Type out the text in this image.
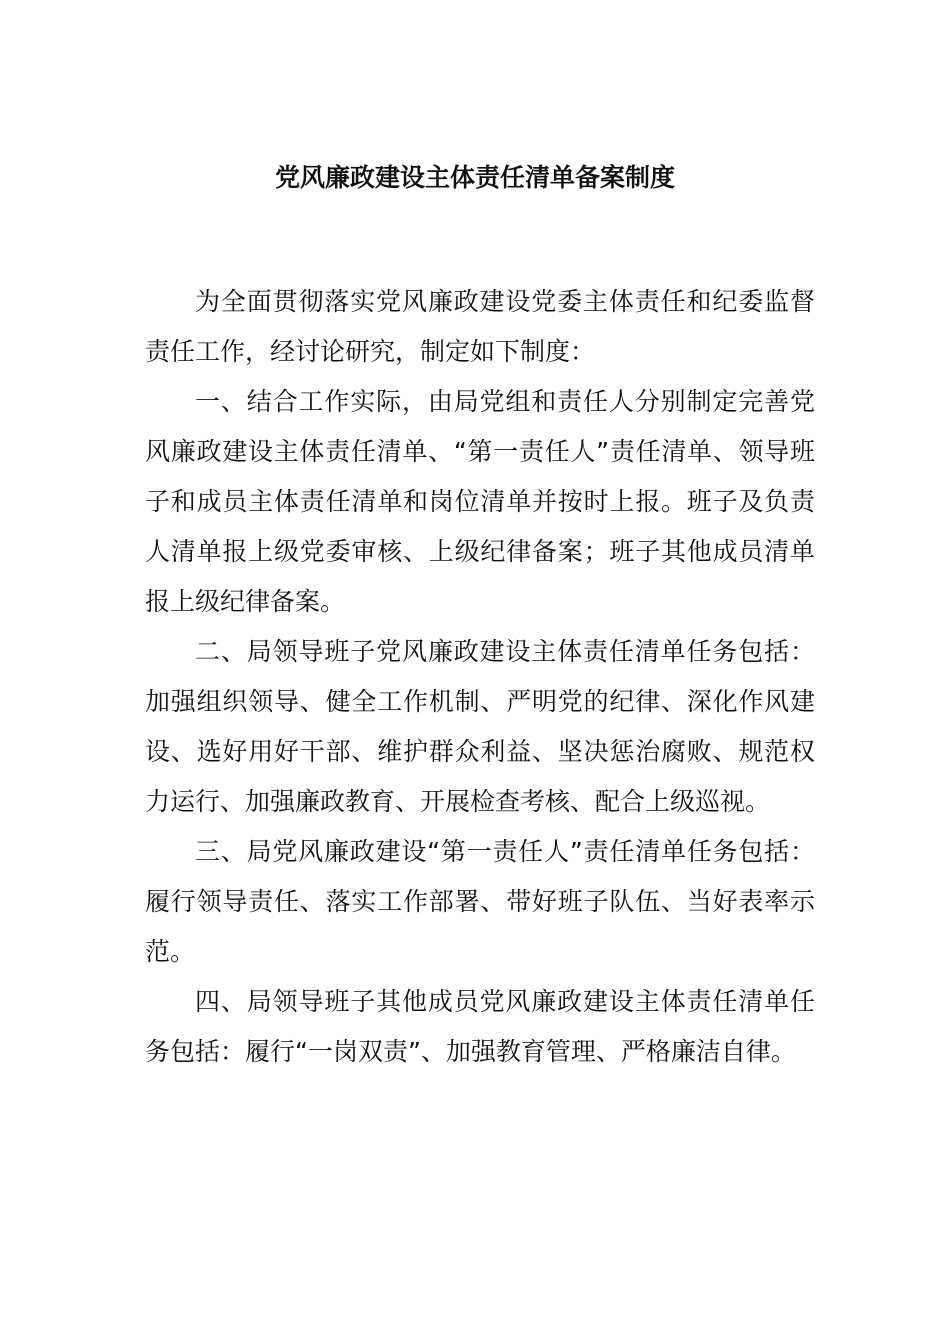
党风廉政建设主体责任清单备案制度

为全面贯彻落实党风廉政建设党委主体责任和纪委监督责任工作，经讨论研究，制定如下制度：

一、结合工作实际，由局党组和责任人分别制定完善党风廉政建设主体责任清单、“第一责任人”责任清单、领导班子和成员主体责任清单和岗位清单并按时上报。班子及负责人清单报上级党委审核、上级纪律备案；班子其他成员清单报上级纪律备案。

二、局领导班子党风廉政建设主体责任清单任务包括：加强组织领导、健全工作机制、严明党的纪律、深化作风建设、选好用好干部、维护群众利益、坚决惩治腐败、规范权力运行、加强廉政教育、开展检查考核、配合上级巡视。

三、局党风廉政建设“第一责任人”责任清单任务包括：履行领导责任、落实工作部署、带好班子队伍、当好表率示范。

四、局领导班子其他成员党风廉政建设主体责任清单任务包括：履行“一岗双责”、加强教育管理、严格廉洁自律。
